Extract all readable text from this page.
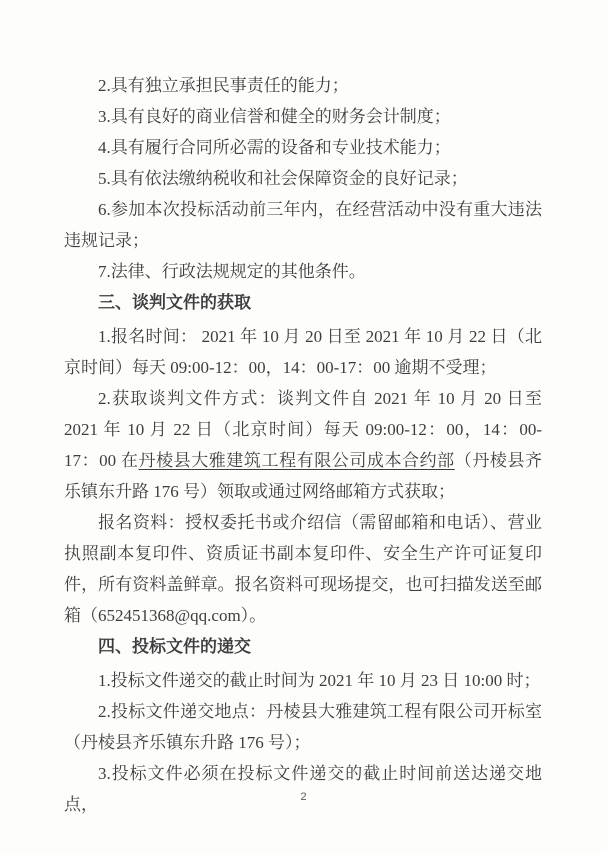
2.具有独立承担民事责任的能力；

3.具有良好的商业信誉和健全的财务会计制度；

4.具有履行合同所必需的设备和专业技术能力；

5.具有依法缴纳税收和社会保障资金的良好记录；

6.参加本次投标活动前三年内，在经营活动中没有重大违法违规记录；

7.法律、行政法规规定的其他条件。

三、谈判文件的获取

1.报名时间： 2021 年 10 月 20 日至 2021 年 10 月 22 日（北京时间）每天 09:00-12：00，14：00-17：00 逾期不受理；

2.获取谈判文件方式：谈判文件自 2021 年 10 月 20 日至 2021 年 10 月 22 日（北京时间）每天 09:00-12：00，14：00-17：00 在丹棱县大雅建筑工程有限公司成本合约部（丹棱县齐乐镇东升路 176 号）领取或通过网络邮箱方式获取；

报名资料：授权委托书或介绍信（需留邮箱和电话）、营业执照副本复印件、资质证书副本复印件、安全生产许可证复印件，所有资料盖鲜章。报名资料可现场提交，也可扫描发送至邮箱（652451368@qq.com）。

四、投标文件的递交

1.投标文件递交的截止时间为 2021 年 10 月 23 日 10:00 时；

2.投标文件递交地点：丹棱县大雅建筑工程有限公司开标室（丹棱县齐乐镇东升路 176 号）；

3.投标文件必须在投标文件递交的截止时间前送达递交地点，	2
